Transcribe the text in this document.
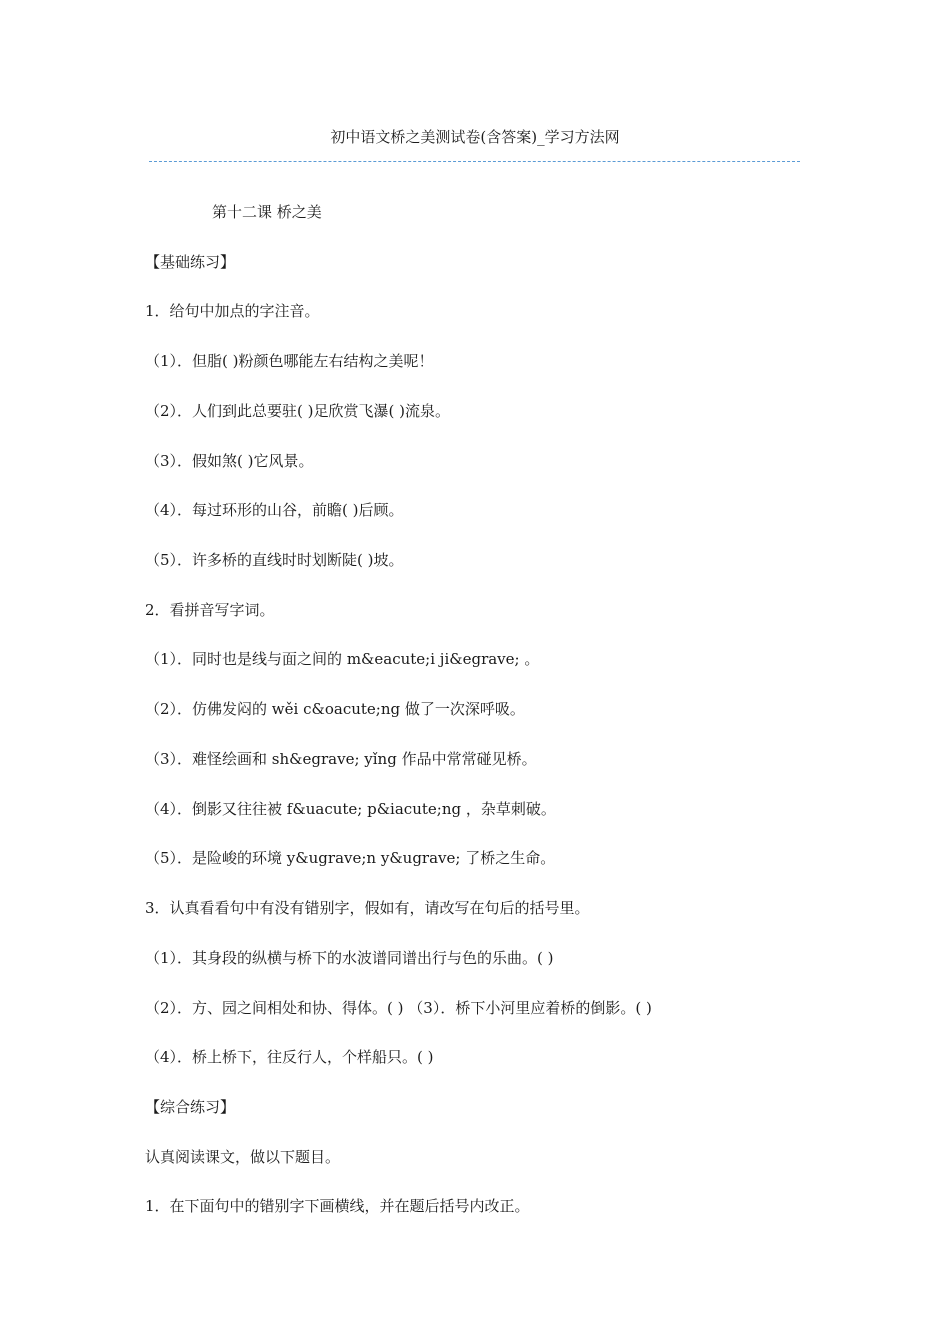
初中语文桥之美测试卷(含答案)_学习方法网
第十二课 桥之美
【基础练习】
1．给句中加点的字注音。
（1）．但脂( )粉颜色哪能左右结构之美呢！
（2）．人们到此总要驻( )足欣赏飞瀑( )流泉。
（3）．假如煞( )它风景。
（4）．每过环形的山谷，前瞻( )后顾。
（5）．许多桥的直线时时划断陡( )坡。
2．看拼音写字词。
（1）．同时也是线与面之间的 m&eacute;i ji&egrave; 。
（2）．仿佛发闷的 wěi c&oacute;ng 做了一次深呼吸。
（3）．难怪绘画和 sh&egrave; yǐng 作品中常常碰见桥。
（4）．倒影又往往被 f&uacute; p&iacute;ng ，杂草刺破。
（5）．是险峻的环境 y&ugrave;n y&ugrave; 了桥之生命。
3．认真看看句中有没有错别字，假如有，请改写在句后的括号里。
（1）．其身段的纵横与桥下的水波谱同谱出行与色的乐曲。( )
（2）．方、园之间相处和协、得体。( ) （3）．桥下小河里应着桥的倒影。( )
（4）．桥上桥下，往反行人，个样船只。( )
【综合练习】
认真阅读课文，做以下题目。
1．在下面句中的错别字下画横线，并在题后括号内改正。
